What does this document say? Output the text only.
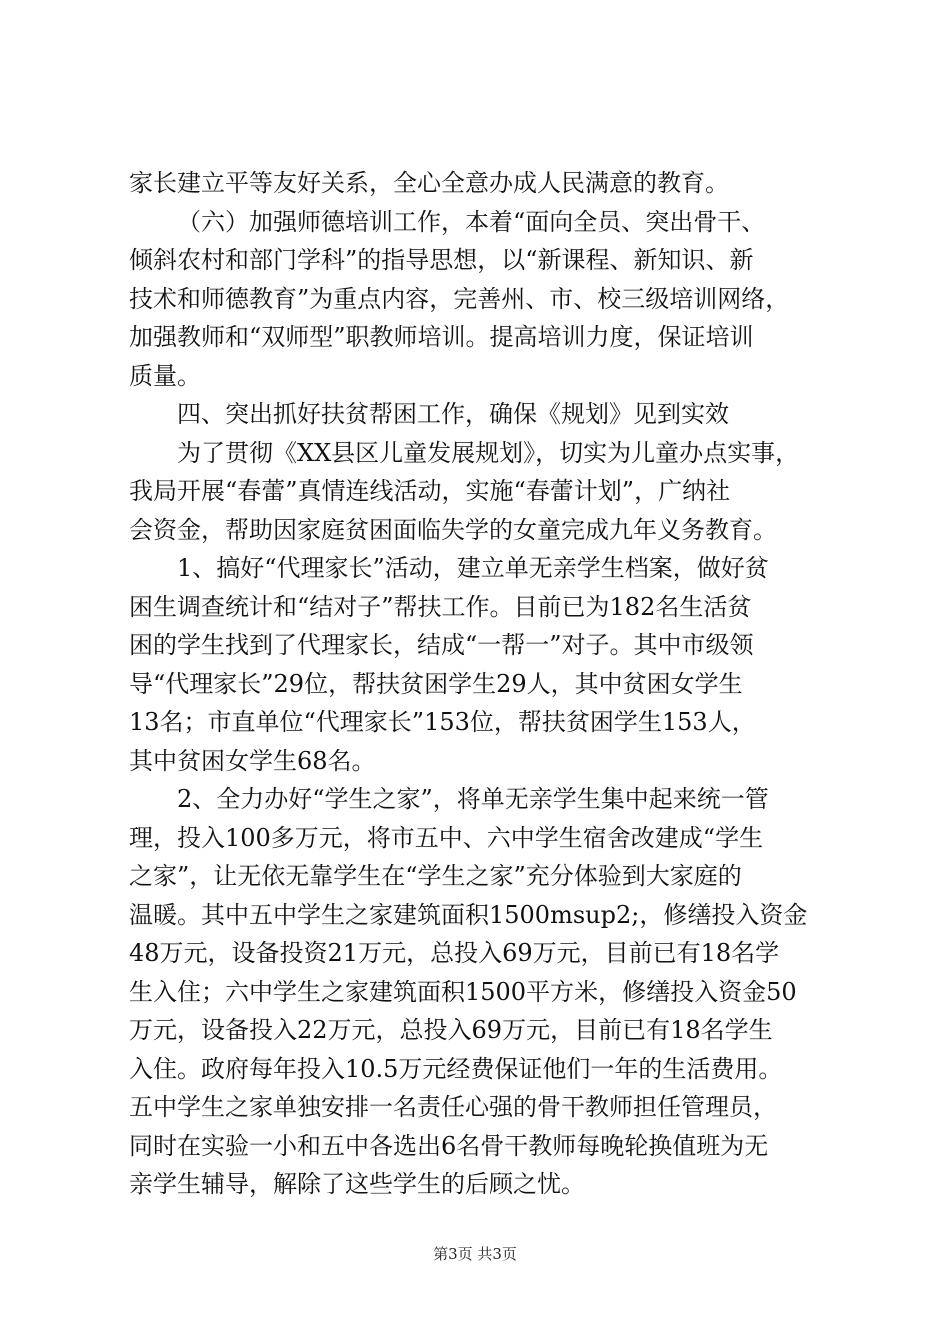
家长建立平等友好关系，全心全意办成人民满意的教育。
（六）加强师德培训工作，本着“面向全员、突出骨干、
倾斜农村和部门学科”的指导思想，以“新课程、新知识、新
技术和师德教育”为重点内容，完善州、市、校三级培训网络，
加强教师和“双师型”职教师培训。提高培训力度，保证培训
质量。
四、突出抓好扶贫帮困工作，确保《规划》见到实效
为了贯彻《XX县区儿童发展规划》，切实为儿童办点实事，
我局开展“春蕾”真情连线活动，实施“春蕾计划”，广纳社
会资金，帮助因家庭贫困面临失学的女童完成九年义务教育。
1、搞好“代理家长”活动，建立单无亲学生档案，做好贫
困生调查统计和“结对子”帮扶工作。目前已为182名生活贫
困的学生找到了代理家长，结成“一帮一”对子。其中市级领
导“代理家长”29位，帮扶贫困学生29人，其中贫困女学生
13名；市直单位“代理家长”153位，帮扶贫困学生153人，
其中贫困女学生68名。
2、全力办好“学生之家”，将单无亲学生集中起来统一管
理，投入100多万元，将市五中、六中学生宿舍改建成“学生
之家”，让无依无靠学生在“学生之家”充分体验到大家庭的
温暖。其中五中学生之家建筑面积1500msup2;，修缮投入资金
48万元，设备投资21万元，总投入69万元，目前已有18名学
生入住；六中学生之家建筑面积1500平方米，修缮投入资金50
万元，设备投入22万元，总投入69万元，目前已有18名学生
入住。政府每年投入10.5万元经费保证他们一年的生活费用。
五中学生之家单独安排一名责任心强的骨干教师担任管理员，
同时在实验一小和五中各选出6名骨干教师每晚轮换值班为无
亲学生辅导，解除了这些学生的后顾之忧。
第3页 共3页
